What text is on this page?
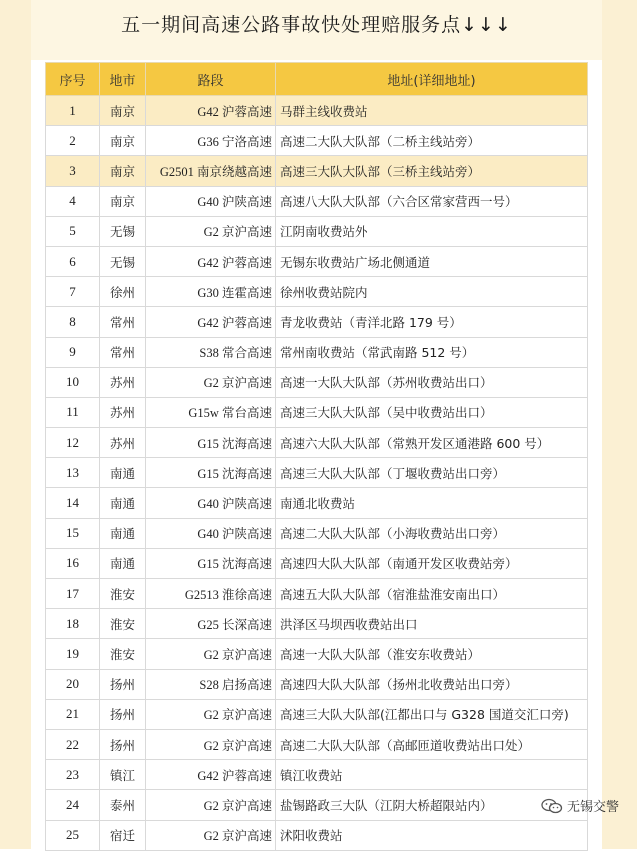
五一期间高速公路事故快处理赔服务点↓↓↓
序号	地市	路段	地址(详细地址)
1	南京	G42 沪蓉高速	马群主线收费站
2	南京	G36 宁洛高速	高速二大队大队部（二桥主线站旁）
3	南京	G2501 南京绕越高速	高速三大队大队部（三桥主线站旁）
4	南京	G40 沪陕高速	高速八大队大队部（六合区常家营西一号）
5	无锡	G2 京沪高速	江阴南收费站外
6	无锡	G42 沪蓉高速	无锡东收费站广场北侧通道
7	徐州	G30 连霍高速	徐州收费站院内
8	常州	G42 沪蓉高速	青龙收费站（青洋北路 179 号）
9	常州	S38 常合高速	常州南收费站（常武南路 512 号）
10	苏州	G2 京沪高速	高速一大队大队部（苏州收费站出口）
11	苏州	G15w 常台高速	高速三大队大队部（吴中收费站出口）
12	苏州	G15 沈海高速	高速六大队大队部（常熟开发区通港路 600 号）
13	南通	G15 沈海高速	高速三大队大队部（丁堰收费站出口旁）
14	南通	G40 沪陕高速	南通北收费站
15	南通	G40 沪陕高速	高速二大队大队部（小海收费站出口旁）
16	南通	G15 沈海高速	高速四大队大队部（南通开发区收费站旁）
17	淮安	G2513 淮徐高速	高速五大队大队部（宿淮盐淮安南出口）
18	淮安	G25 长深高速	洪泽区马坝西收费站出口
19	淮安	G2 京沪高速	高速一大队大队部（淮安东收费站）
20	扬州	S28 启扬高速	高速四大队大队部（扬州北收费站出口旁）
21	扬州	G2 京沪高速	高速三大队大队部(江都出口与 G328 国道交汇口旁)
22	扬州	G2 京沪高速	高速二大队大队部（高邮匝道收费站出口处）
23	镇江	G42 沪蓉高速	镇江收费站
24	泰州	G2 京沪高速	盐锡路政三大队（江阴大桥超限站内）
25	宿迁	G2 京沪高速	沭阳收费站
无锡交警
